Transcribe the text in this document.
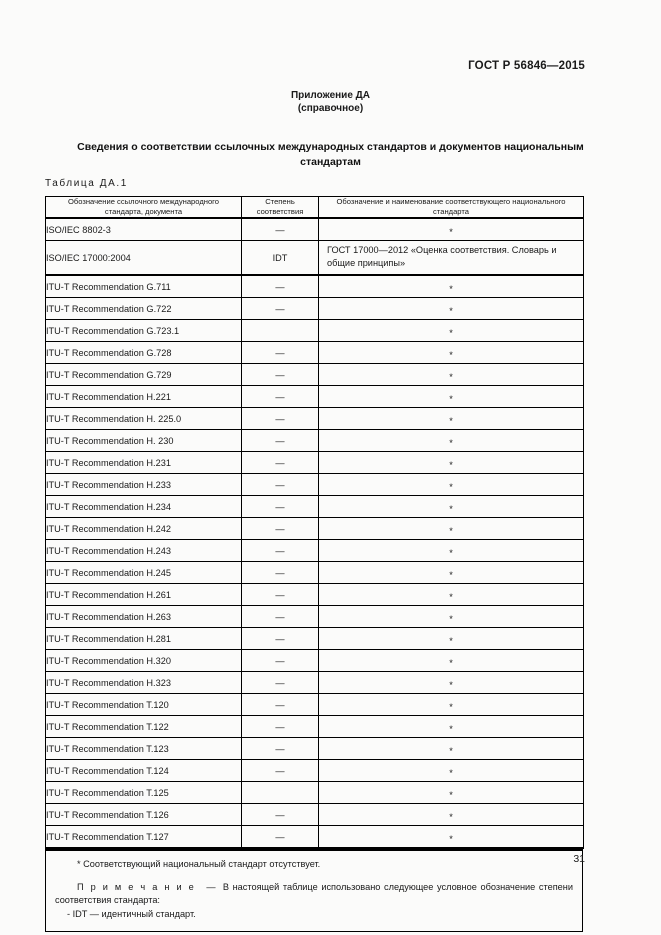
ГОСТ Р 56846—2015
Приложение ДА
(справочное)
Сведения о соответствии ссылочных международных стандартов и документов национальным стандартам
Таблица ДА.1
Обозначение ссылочного международного стандарта, документа	Степень соответствия	Обозначение и наименование соответствующего национального стандарта
ISO/IEC 8802-3	—	*
ISO/IEC 17000:2004	IDT	ГОСТ 17000—2012 «Оценка соответствия. Словарь и общие принципы»
ITU-T Recommendation G.711	—	*
ITU-T Recommendation G.722	—	*
ITU-T Recommendation G.723.1		*
ITU-T Recommendation G.728	—	*
ITU-T Recommendation G.729	—	*
ITU-T Recommendation H.221	—	*
ITU-T Recommendation H. 225.0	—	*
ITU-T Recommendation H. 230	—	*
ITU-T Recommendation H.231	—	*
ITU-T Recommendation H.233	—	*
ITU-T Recommendation H.234	—	*
ITU-T Recommendation H.242	—	*
ITU-T Recommendation H.243	—	*
ITU-T Recommendation H.245	—	*
ITU-T Recommendation H.261	—	*
ITU-T Recommendation H.263	—	*
ITU-T Recommendation H.281	—	*
ITU-T Recommendation H.320	—	*
ITU-T Recommendation H.323	—	*
ITU-T Recommendation T.120	—	*
ITU-T Recommendation T.122	—	*
ITU-T Recommendation T.123	—	*
ITU-T Recommendation T.124	—	*
ITU-T Recommendation T.125		*
ITU-T Recommendation T.126	—	*
ITU-T Recommendation T.127	—	*
* Соответствующий национальный стандарт отсутствует.
П р и м е ч а н и е — В настоящей таблице использовано следующее условное обозначение степени соответствия стандарта:
- IDT — идентичный стандарт.
31
